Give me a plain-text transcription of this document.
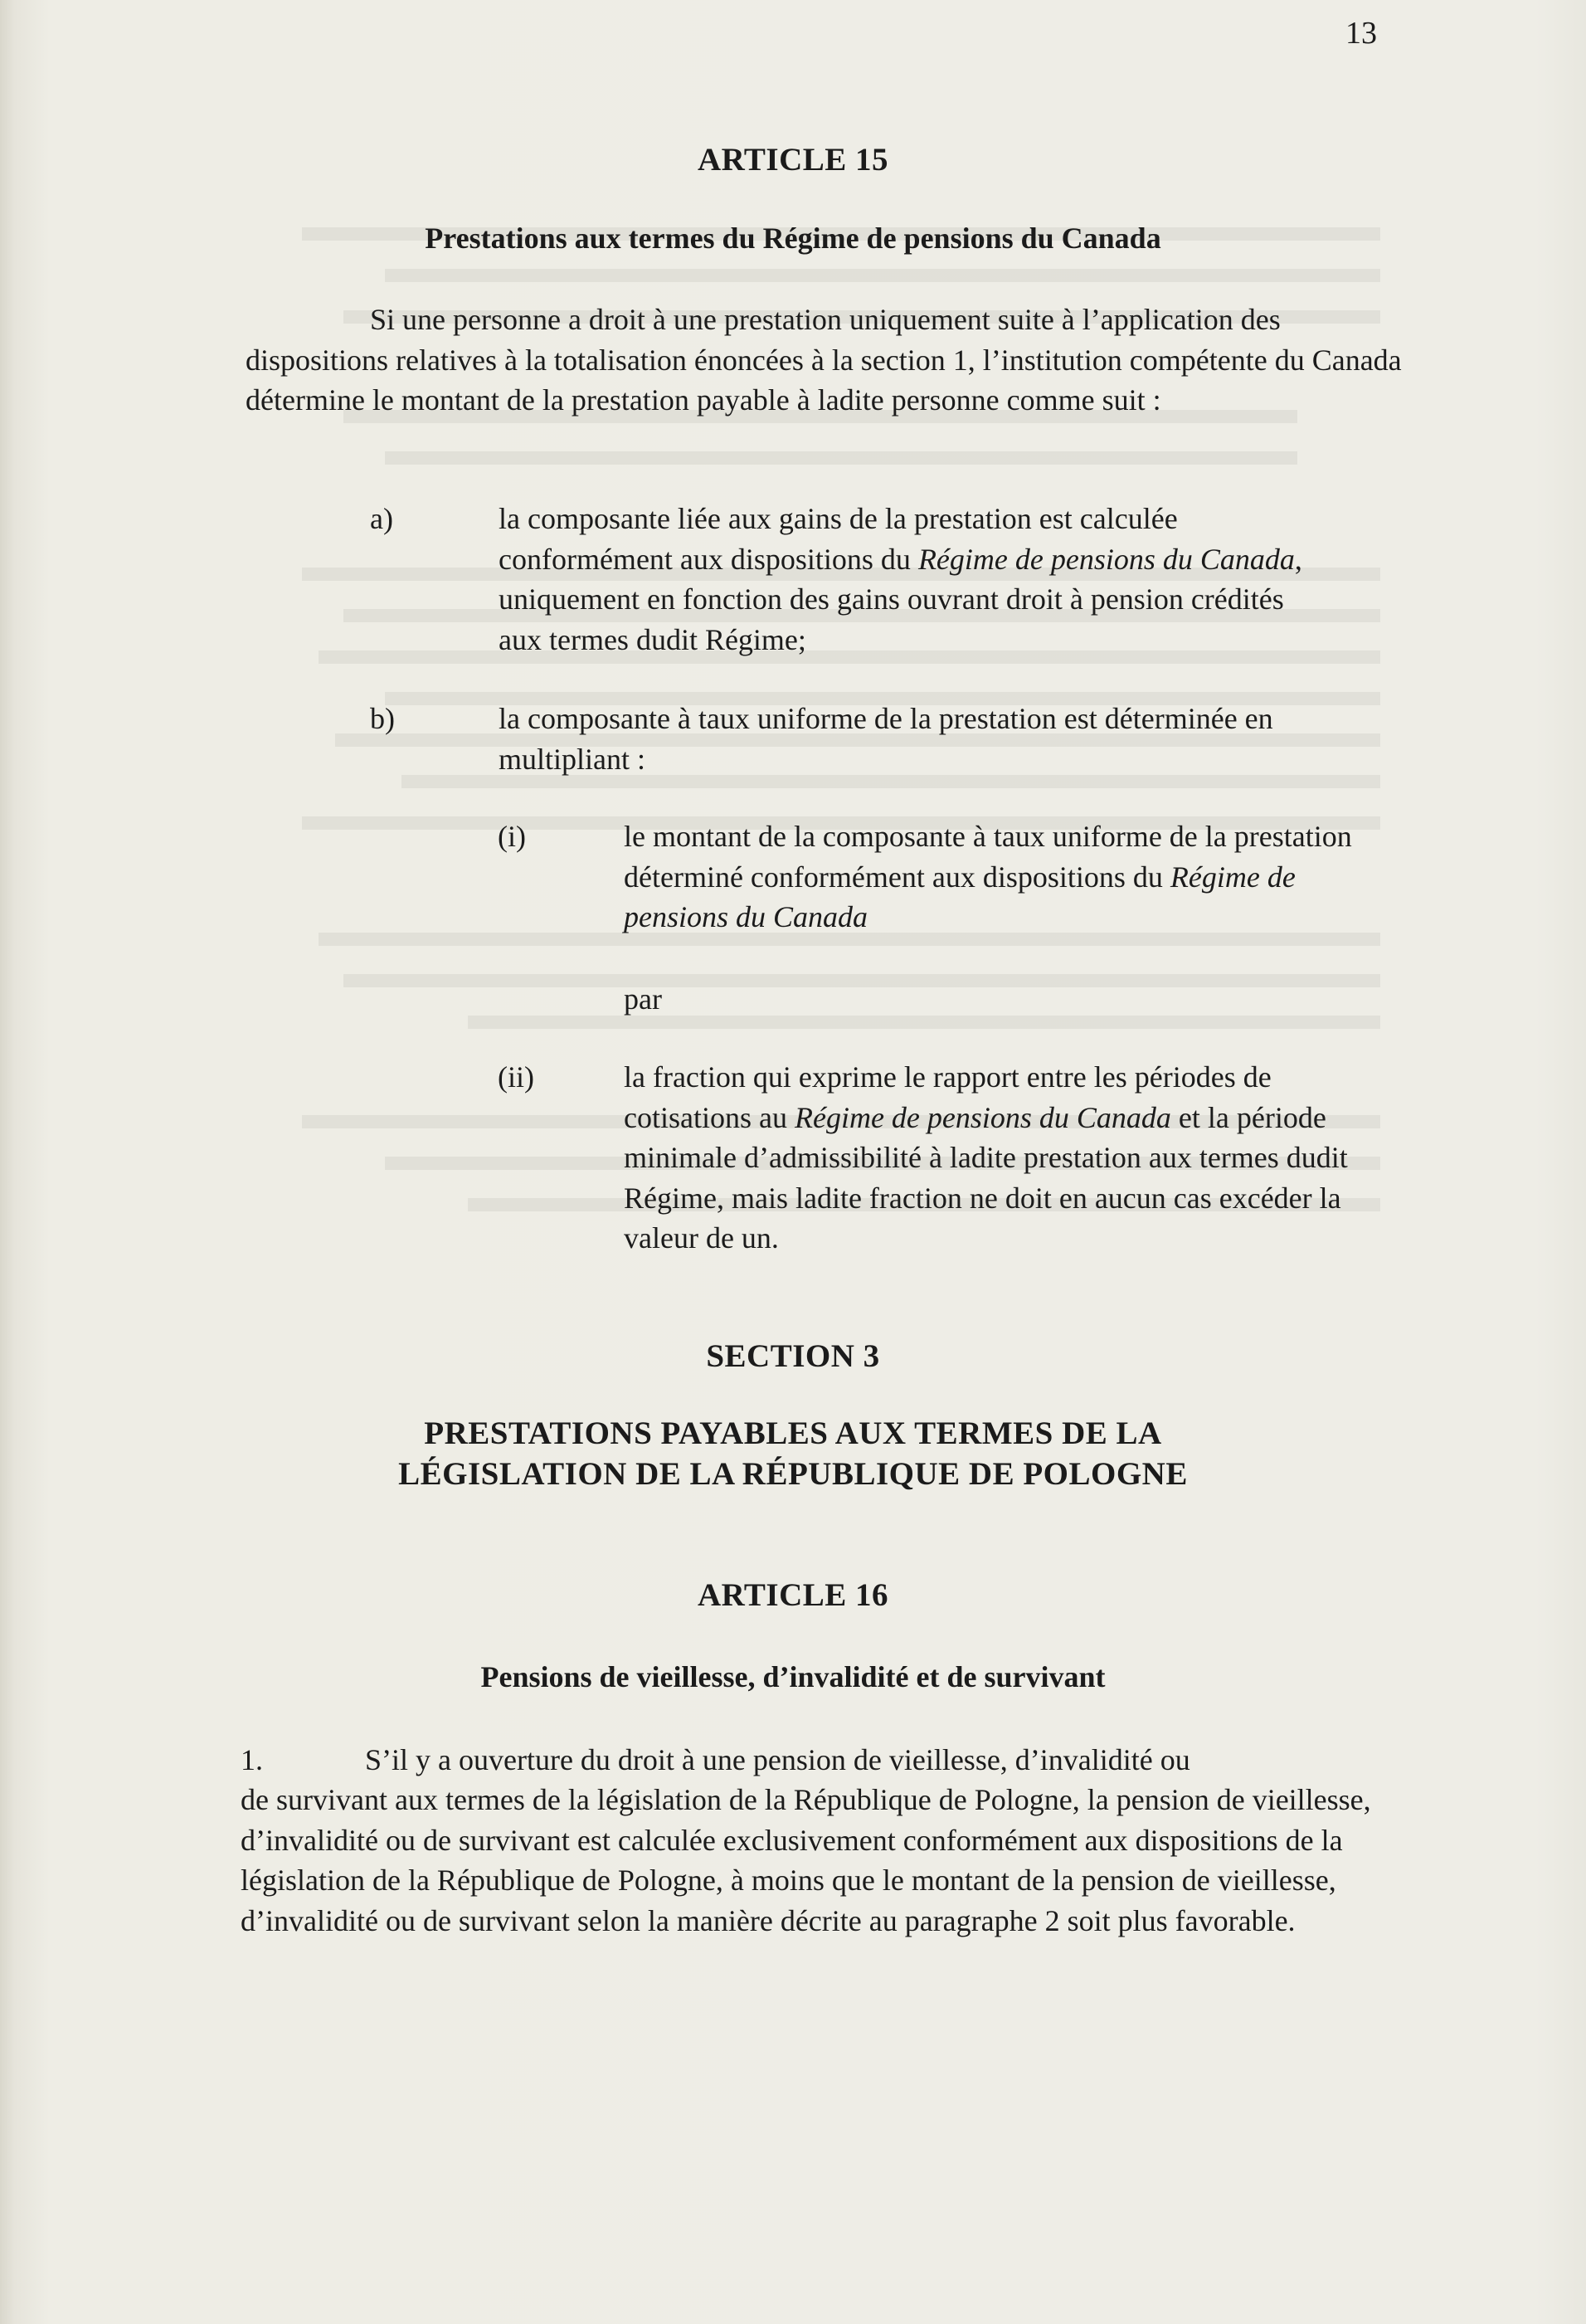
13
ARTICLE 15
Prestations aux termes du Régime de pensions du Canada

Si une personne a droit à une prestation uniquement suite à l’application des dispositions relatives à la totalisation énoncées à la section 1, l’institution compétente du Canada détermine le montant de la prestation payable à ladite personne comme suit :

a)	la composante liée aux gains de la prestation est calculée conformément aux dispositions du Régime de pensions du Canada, uniquement en fonction des gains ouvrant droit à pension crédités aux termes dudit Régime;

b)	la composante à taux uniforme de la prestation est déterminée en multipliant :

(i)	le montant de la composante à taux uniforme de la prestation déterminé conformément aux dispositions du Régime de pensions du Canada

par
(ii)	la fraction qui exprime le rapport entre les périodes de cotisations au Régime de pensions du Canada et la période minimale d’admissibilité à ladite prestation aux termes dudit Régime, mais ladite fraction ne doit en aucun cas excéder la valeur de un.

SECTION 3
PRESTATIONS PAYABLES AUX TERMES DE LA
LÉGISLATION DE LA RÉPUBLIQUE DE POLOGNE
ARTICLE 16
Pensions de vieillesse, d’invalidité et de survivant
1.	S’il y a ouverture du droit à une pension de vieillesse, d’invalidité ou

de survivant aux termes de la législation de la République de Pologne, la pension de vieillesse, d’invalidité ou de survivant est calculée exclusivement conformément aux dispositions de la législation de la République de Pologne, à moins que le montant de la pension de vieillesse, d’invalidité ou de survivant selon la manière décrite au paragraphe 2 soit plus favorable.
